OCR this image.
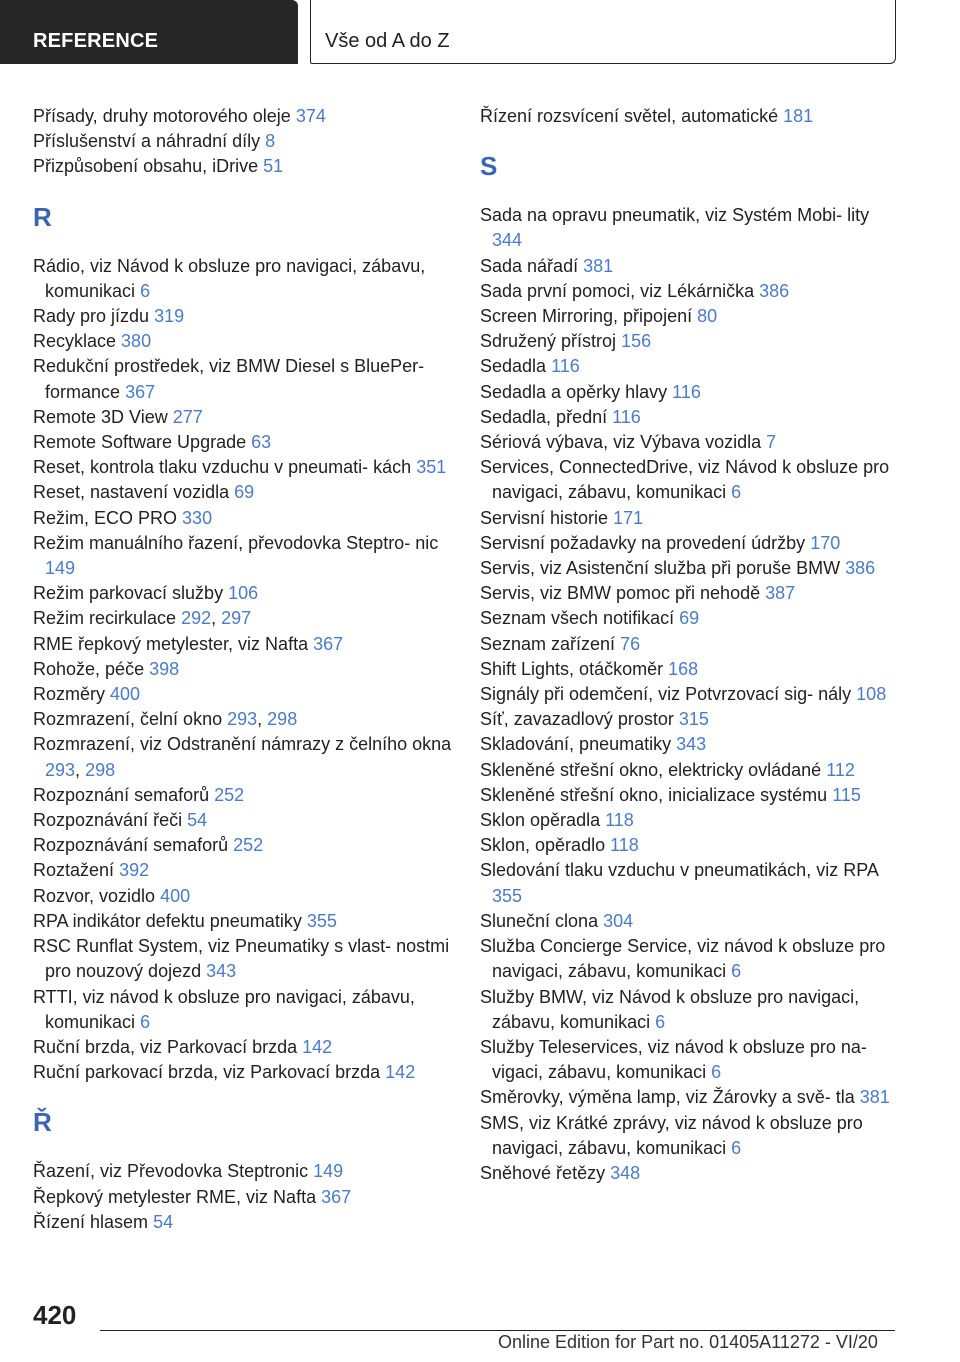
REFERENCE	Vše od A do Z
Přísady, druhy motorového oleje 374
Příslušenství a náhradní díly 8
Přizpůsobení obsahu, iDrive 51
R
Rádio, viz Návod k obsluze pro navigaci, zábavu, komunikaci 6
Rady pro jízdu 319
Recyklace 380
Redukční prostředek, viz BMW Diesel s BluePer‐ formance 367
Remote 3D View 277
Remote Software Upgrade 63
Reset, kontrola tlaku vzduchu v pneumati‐ kách 351
Reset, nastavení vozidla 69
Režim, ECO PRO 330
Režim manuálního řazení, převodovka Steptro‐ nic 149
Režim parkovací služby 106
Režim recirkulace 292, 297
RME řepkový metylester, viz Nafta 367
Rohože, péče 398
Rozměry 400
Rozmrazení, čelní okno 293, 298
Rozmrazení, viz Odstranění námrazy z čelního okna 293, 298
Rozpoznání semaforů 252
Rozpoznávání řeči 54
Rozpoznávání semaforů 252
Roztažení 392
Rozvor, vozidlo 400
RPA indikátor defektu pneumatiky 355
RSC Runflat System, viz Pneumatiky s vlast‐ nostmi pro nouzový dojezd 343
RTTI, viz návod k obsluze pro navigaci, zábavu, komunikaci 6
Ruční brzda, viz Parkovací brzda 142
Ruční parkovací brzda, viz Parkovací brzda 142
Ř
Řazení, viz Převodovka Steptronic 149
Řepkový metylester RME, viz Nafta 367
Řízení hlasem 54
Řízení rozsvícení světel, automatické 181
S
Sada na opravu pneumatik, viz Systém Mobi‐ lity 344
Sada nářadí 381
Sada první pomoci, viz Lékárnička 386
Screen Mirroring, připojení 80
Sdružený přístroj 156
Sedadla 116
Sedadla a opěrky hlavy 116
Sedadla, přední 116
Sériová výbava, viz Výbava vozidla 7
Services, ConnectedDrive, viz Návod k obsluze pro navigaci, zábavu, komunikaci 6
Servisní historie 171
Servisní požadavky na provedení údržby 170
Servis, viz Asistenční služba při poruše BMW 386
Servis, viz BMW pomoc při nehodě 387
Seznam všech notifikací 69
Seznam zařízení 76
Shift Lights, otáčkoměr 168
Signály při odemčení, viz Potvrzovací sig‐ nály 108
Síť, zavazadlový prostor 315
Skladování, pneumatiky 343
Skleněné střešní okno, elektricky ovládané 112
Skleněné střešní okno, inicializace systému 115
Sklon opěradla 118
Sklon, opěradlo 118
Sledování tlaku vzduchu v pneumatikách, viz RPA 355
Sluneční clona 304
Služba Concierge Service, viz návod k obsluze pro navigaci, zábavu, komunikaci 6
Služby BMW, viz Návod k obsluze pro navigaci, zábavu, komunikaci 6
Služby Teleservices, viz návod k obsluze pro na‐ vigaci, zábavu, komunikaci 6
Směrovky, výměna lamp, viz Žárovky a svě‐ tla 381
SMS, viz Krátké zprávy, viz návod k obsluze pro navigaci, zábavu, komunikaci 6
Sněhové řetězy 348
420
Online Edition for Part no. 01405A11272 - VI/20
